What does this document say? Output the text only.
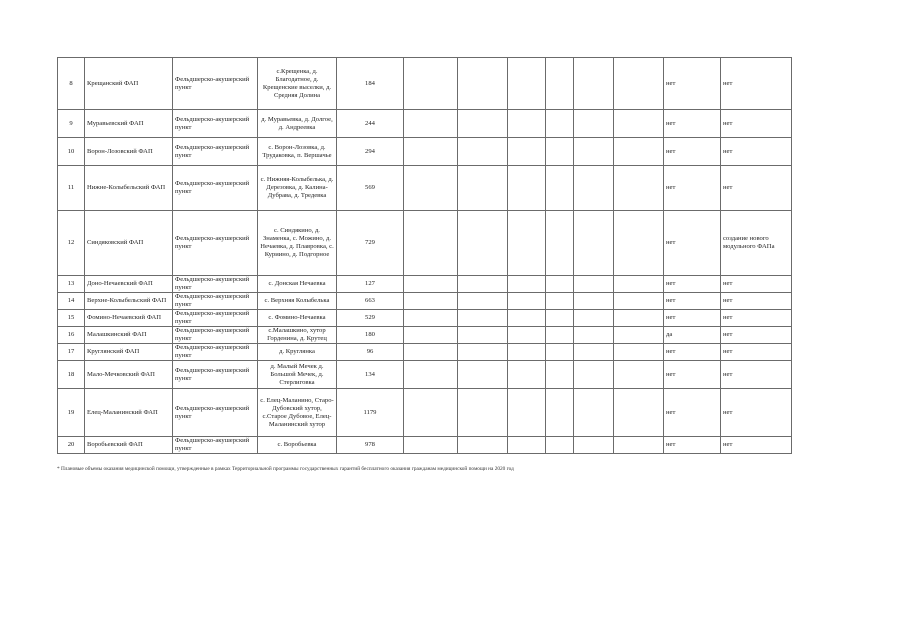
8	Крещанский ФАП	Фельдшерско-акушерский пункт	с.Крещенка, д. Благодатное, д. Крещенские выселки, д. Средняя Долина	184							нет	нет
9	Муравьевский ФАП	Фельдшерско-акушерский пункт	д. Муравьевка, д. Долгое, д. Андреевка	244							нет	нет
10	Ворон-Лозовский ФАП	Фельдшерско-акушерский пункт	с. Ворон-Лозовка, д. Трудаковка, п. Вершачье	294							нет	нет
11	Нижне-Колыбельский ФАП	Фельдшерско-акушерский пункт	с. Нижняя-Колыбелька, д. Дерезовка, д. Калина-Дубрава, д. Тредевка	569							нет	нет
12	Синдяковский ФАП	Фельдшерско-акушерский пункт	с. Синдякино, д. Знаменка, с. Можино, д. Нечаевка, д. Плавровка, с. Куриино, д. Подгорное	729							нет	создание нового модульного ФАПа
13	Доно-Нечаевский ФАП	Фельдшерско-акушерский пункт	с. Донская Нечаевка	127							нет	нет
14	Верхне-Колыбельский ФАП	Фельдшерско-акушерский пункт	с. Верхняя Колыбелька	663							нет	нет
15	Фомино-Нечаевский ФАП	Фельдшерско-акушерский пункт	с. Фомино-Нечаевка	529							нет	нет
16	Малашкинский ФАП	Фельдшерско-акушерский пункт	с.Малашкино, хутор Горденина, д. Крутец	180							да	нет
17	Круглянский ФАП	Фельдшерско-акушерский пункт	д. Круглянка	96							нет	нет
18	Мало-Мечковский ФАП	Фельдшерско-акушерский пункт	д. Малый Мечек д. Большой Мечек, д. Стерлиговка	134							нет	нет
19	Елец-Маланинский ФАП	Фельдшерско-акушерский пункт	с. Елец-Маланино, Старо-Дубовский хутор, с.Старое Дубовое, Елец-Маланинский хутор	1179							нет	нет
20	Воробьевский ФАП	Фельдшерско-акушерский пункт	с. Воробьевка	978							нет	нет
* Плановые объемы оказания медицинской помощи, утвержденные в рамках Территориальной программы государственных гарантий бесплатного оказания гражданам медицинской помощи на 2020 год
